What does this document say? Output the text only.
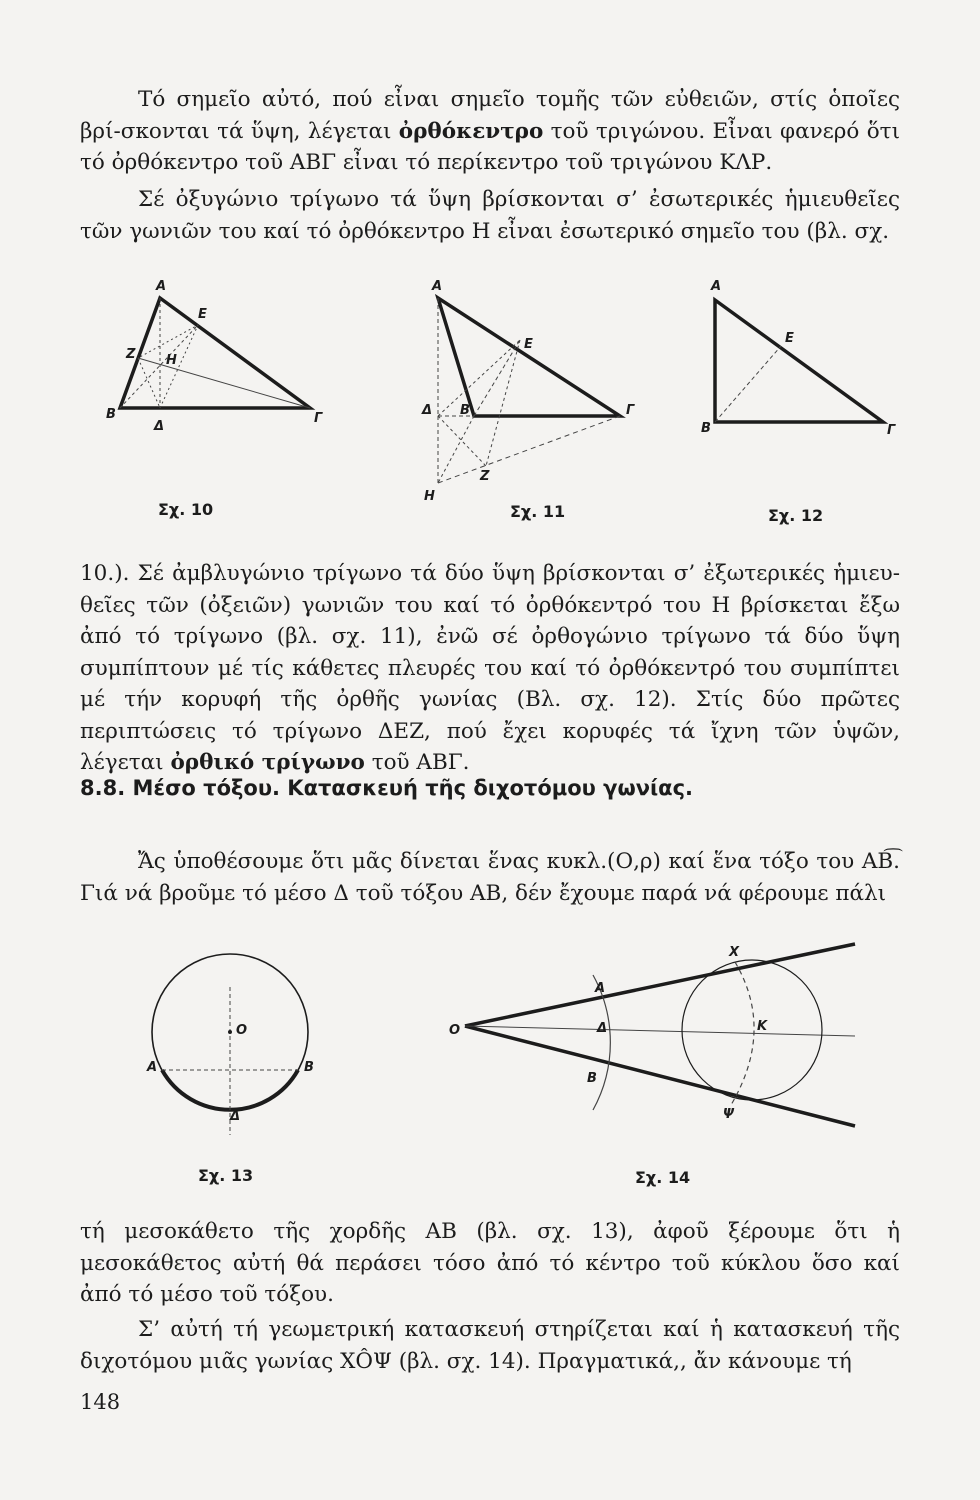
Τό σημεῖο αὐτό, πού εἶναι σημεῖο τομῆς τῶν εὐθειῶν, στίς ὁποῖες βρί-σκονται τά ὕψη, λέγεται ὀρθόκεντρο τοῦ τριγώνου. Εἶναι φανερό ὅτι τό ὀρθόκεντρο τοῦ ΑΒΓ εἶναι τό περίκεντρο τοῦ τριγώνου ΚΛΡ.
Σέ ὀξυγώνιο τρίγωνο τά ὕψη βρίσκονται σ’ ἐσωτερικές ἡμιευθεῖες τῶν γωνιῶν του καί τό ὀρθόκεντρο Η εἶναι ἐσωτερικό σημεῖο του (βλ. σχ.
A
E
Z H
B
Δ
Γ
Σχ. 10
A
E
Δ B	Γ
Z
H
Σχ. 11
A
E
B	Γ
Σχ. 12
10.). Σέ ἀμβλυγώνιο τρίγωνο τά δύο ὕψη βρίσκονται σ’ ἐξωτερικές ἡμιευ-θεῖες τῶν (ὀξειῶν) γωνιῶν του καί τό ὀρθόκεντρό του Η βρίσκεται ἔξω ἀπό τό τρίγωνο (βλ. σχ. 11), ἐνῶ σέ ὀρθογώνιο τρίγωνο τά δύο ὕψη συμπίπτουν μέ τίς κάθετες πλευρές του καί τό ὀρθόκεντρό του συμπίπτει μέ τήν κορυφή τῆς ὀρθῆς γωνίας (Βλ. σχ. 12). Στίς δύο πρῶτες περιπτώσεις τό τρίγωνο ΔΕΖ, πού ἔχει κορυφές τά ἴχνη τῶν ὑψῶν, λέγεται ὀρθικό τρίγωνο τοῦ ΑΒΓ.
8.8. Μέσο τόξου. Κατασκευή τῆς διχοτόμου γωνίας.
Ἄς ὑποθέσουμε ὅτι μᾶς δίνεται ἕνας κυκλ.(Ο,ρ) καί ἕνα τόξο του ΑΒ͡. Γιά νά βροῦμε τό μέσο Δ τοῦ τόξου ΑΒ, δέν ἔχουμε παρά νά φέρουμε πάλι
O
A	B
Δ
Σχ. 13
X
A
O	Δ	K
B
Ψ
Σχ. 14
τή μεσοκάθετο τῆς χορδῆς ΑΒ (βλ. σχ. 13), ἀφοῦ ξέρουμε ὅτι ἡ μεσοκάθετος αὐτή θά περάσει τόσο ἀπό τό κέντρο τοῦ κύκλου ὅσο καί ἀπό τό μέσο τοῦ τόξου.
Σ’ αὐτή τή γεωμετρική κατασκευή στηρίζεται καί ἡ κατασκευή τῆς διχοτόμου μιᾶς γωνίας ΧÔΨ (βλ. σχ. 14). Πραγματικά,, ἄν κάνουμε τή
148
